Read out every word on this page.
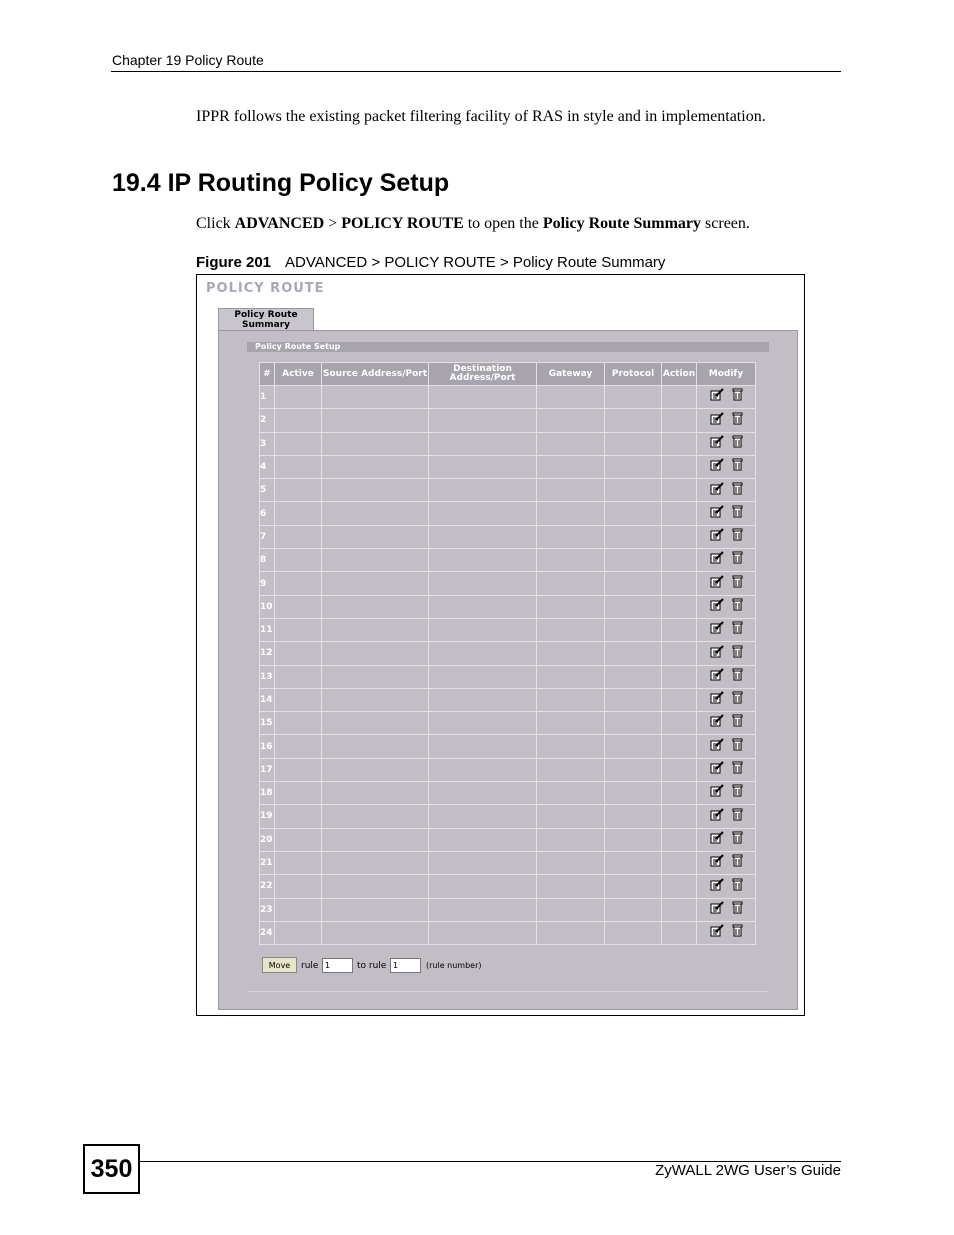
Chapter 19 Policy Route
IPPR follows the existing packet filtering facility of RAS in style and in implementation.
19.4 IP Routing Policy Setup
Click ADVANCED > POLICY ROUTE to open the Policy Route Summary screen.
Figure 201 ADVANCED > POLICY ROUTE > Policy Route Summary
POLICY ROUTE
Policy Route Summary
Policy Route Setup
#	Active	Source Address/Port	Destination Address/Port	Gateway	Protocol	Action	Modify
1							
2							
3							
4							
5							
6							
7							
8							
9							
10							
11							
12							
13							
14							
15							
16							
17							
18							
19							
20							
21							
22							
23							
24							
Move	rule 1	to rule 1	(rule number)
350	ZyWALL 2WG User’s Guide
